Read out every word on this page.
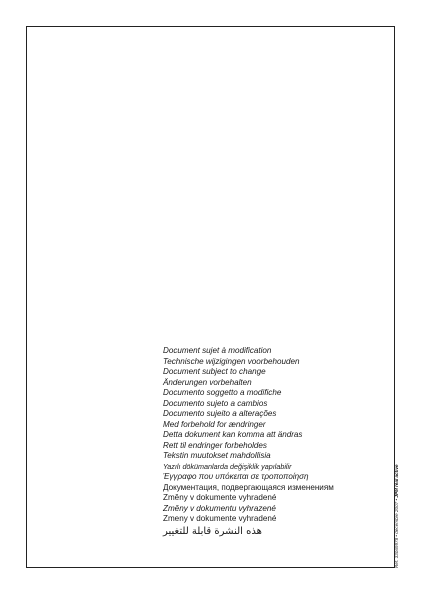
Document sujet à modification
Technische wijzigingen voorbehouden
Document subject to change
Änderungen vorbehalten
Documento soggetto a modifiche
Documento sujeto a cambios
Documento sujeito a alterações
Med forbehold for ændringer
Detta dokument kan komma att ändras
Rett til endringer forbeholdes
Tekstin muutokset mahdollisia
Yazılı dökümanlarda değişiklik yapılabilir
Έγγραφο που υπόκειται σε τροποποίηση
Документация, подвергающаяся изменениям
Změny v dokumente vyhradené
Změny v dokumentu vyhrazené
Zmeny v dokumente vyhradené
هذه النشرة قابلة للتغيير	Réf. 33069978 • décembre 2007 • JPM réal active
